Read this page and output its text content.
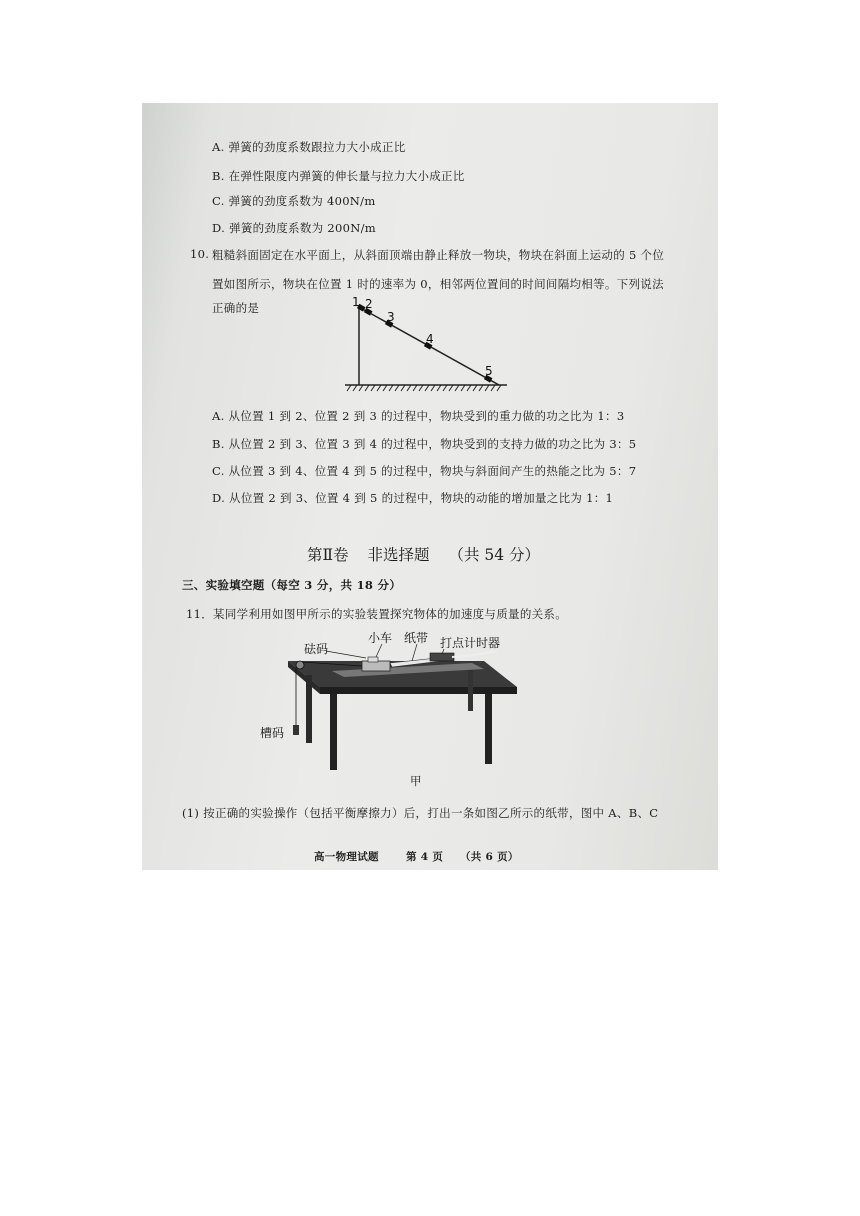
A. 弹簧的劲度系数跟拉力大小成正比
B. 在弹性限度内弹簧的伸长量与拉力大小成正比
C. 弹簧的劲度系数为 400N/m
D. 弹簧的劲度系数为 200N/m
10. 粗糙斜面固定在水平面上，从斜面顶端由静止释放一物块，物块在斜面上运动的 5 个位
置如图所示，物块在位置 1 时的速率为 0，相邻两位置间的时间间隔均相等。下列说法
正确的是	1 2
3
4
5
A. 从位置 1 到 2、位置 2 到 3 的过程中，物块受到的重力做的功之比为 1：3
B. 从位置 2 到 3、位置 3 到 4 的过程中，物块受到的支持力做的功之比为 3：5
C. 从位置 3 到 4、位置 4 到 5 的过程中，物块与斜面间产生的热能之比为 5：7
D. 从位置 2 到 3、位置 4 到 5 的过程中，物块的动能的增加量之比为 1：1
第Ⅱ卷 非选择题 （共 54 分）
三、实验填空题（每空 3 分，共 18 分）
11．某同学利用如图甲所示的实验装置探究物体的加速度与质量的关系。
砝码
小车 纸带 打点计时器
槽码
甲
(1) 按正确的实验操作（包括平衡摩擦力）后，打出一条如图乙所示的纸带，图中 A、B、C
高一物理试题	第 4 页 （共 6 页）
